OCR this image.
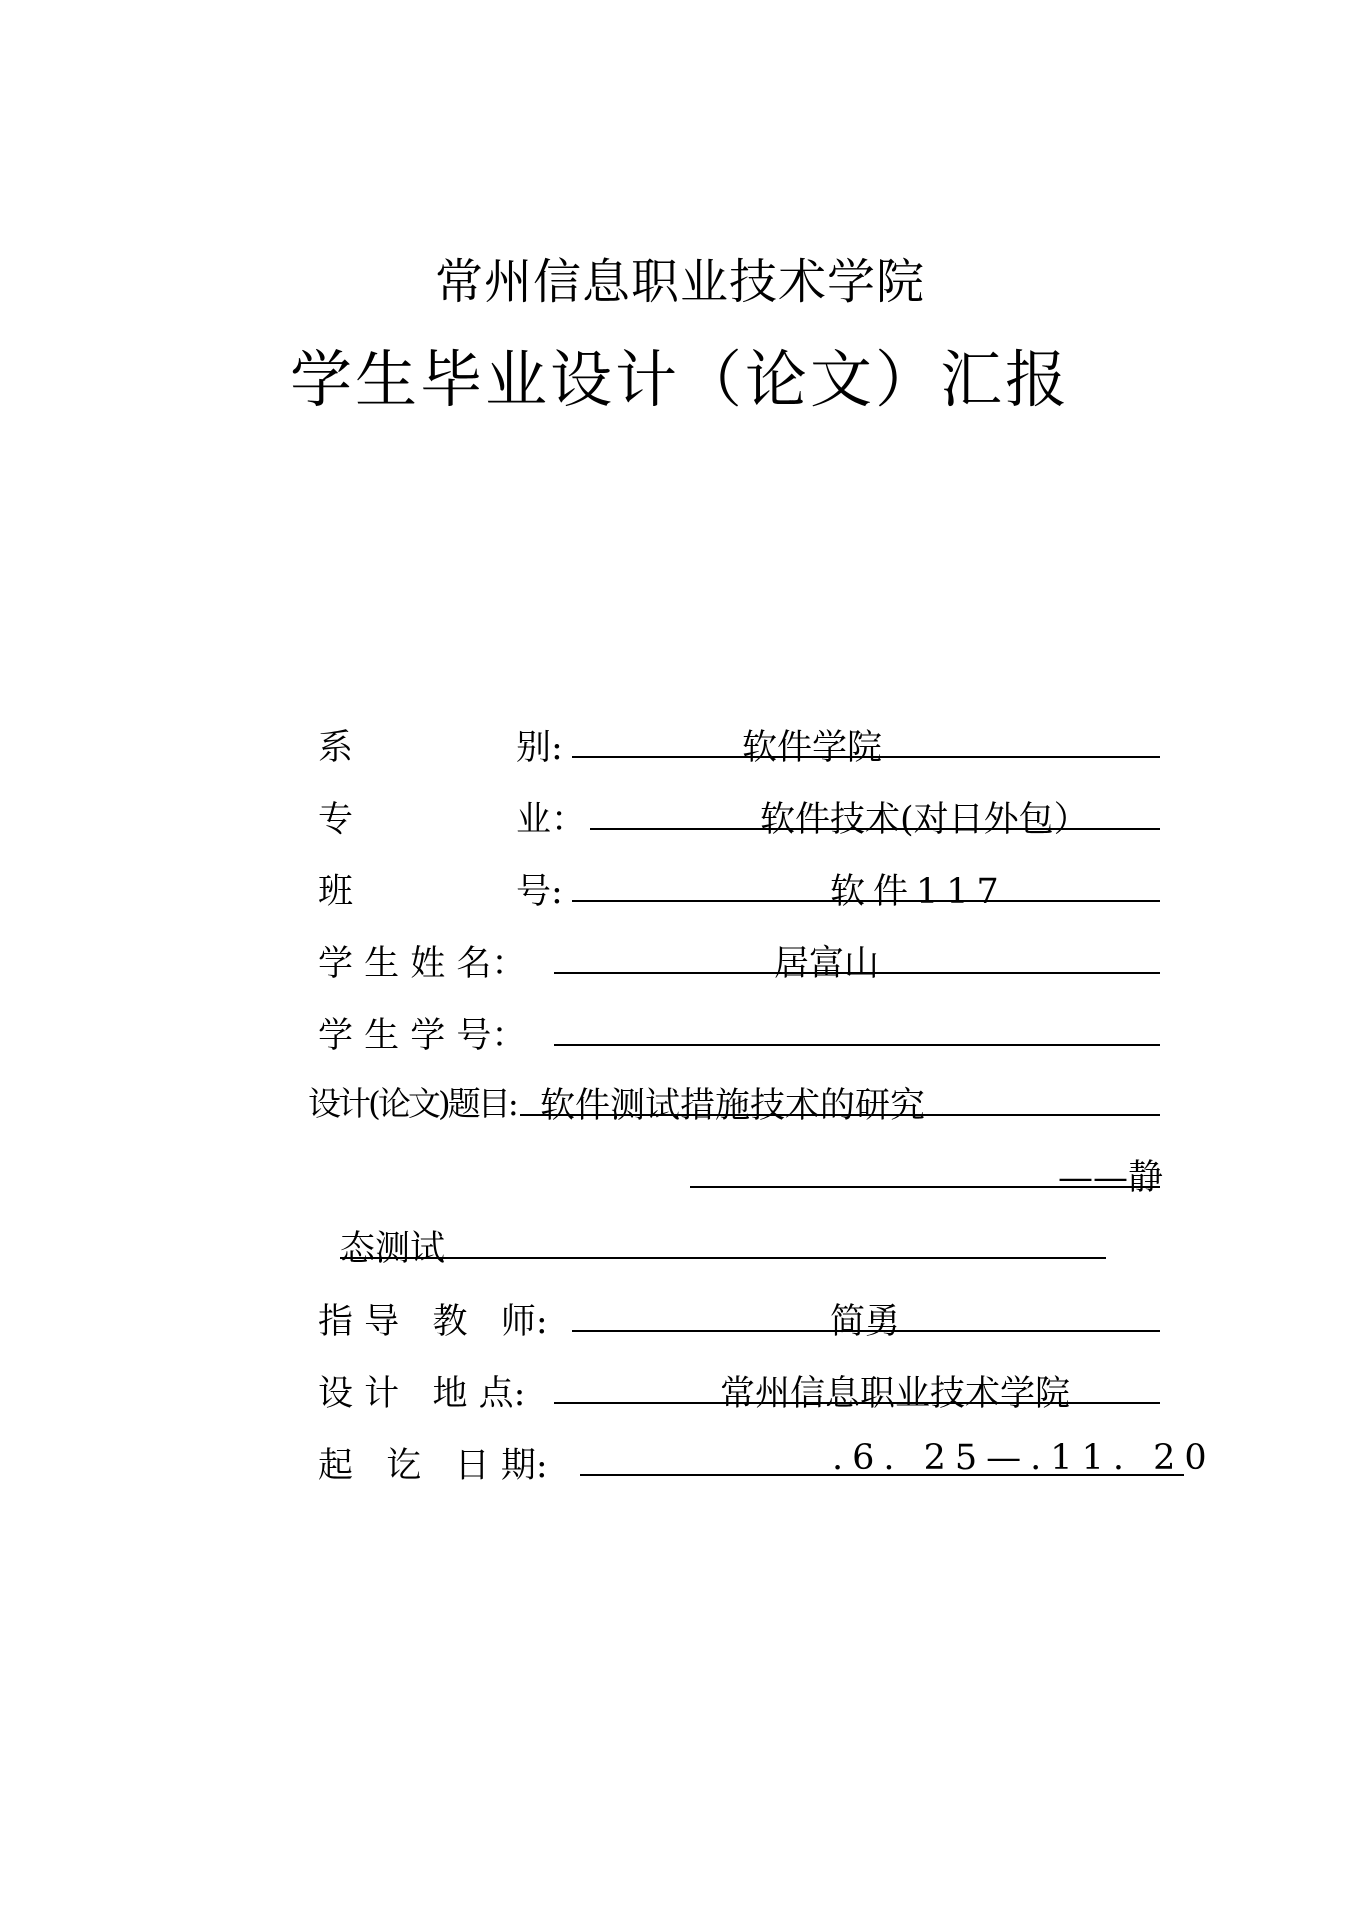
常州信息职业技术学院
学生毕业设计（论文）汇报
系	别:	软件学院
专	业：	软件技术(对日外包）
班	号:	软件117
学 生 姓 名：	居富山
学 生 学 号：
设计(论文)题目: 软件测试措施技术的研究
——静
态测试
指 导   教   师:	简勇
设 计   地 点:	常州信息职业技术学院
起   讫   日 期:	.6. 25—.11. 20
